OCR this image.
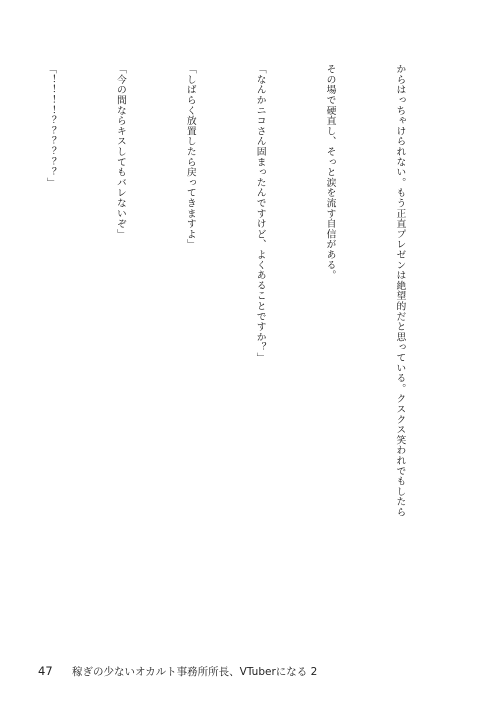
からはっちゃけられない。もう正直プレゼンは絶望的だと思っている。クスクス笑われでもしたら

その場で硬直し、そっと涙を流す自信がある。

「なんかニコさん固まったんですけど、よくあることですか？」

「しばらく放置したら戻ってきますよ」

「今の間ならキスしてもバレないぞ」

「！！！！？？？？？？」

47 稼ぎの少ないオカルト事務所所長、VTuberになる 2
